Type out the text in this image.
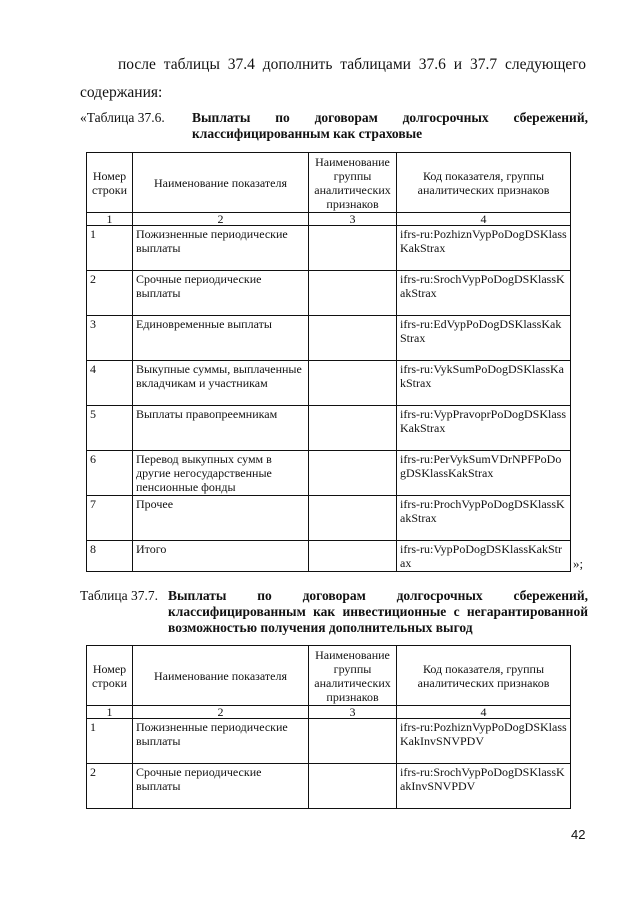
после таблицы 37.4 дополнить таблицами 37.6 и 37.7 следующего
содержания:
«Таблица 37.6.	Выплаты по договорам долгосрочных сбережений,
классифицированным как страховые
Номер строки	Наименование показателя	Наименование группы аналитических признаков	Код показателя, группы аналитических признаков
1	2	3	4
1	Пожизненные периодические выплаты		ifrs-ru:PozhiznVypPoDogDSKlassKakStrax
2	Срочные периодические выплаты		ifrs-ru:SrochVypPoDogDSKlassKakStrax
3	Единовременные выплаты		ifrs-ru:EdVypPoDogDSKlassKakStrax
4	Выкупные суммы, выплаченные вкладчикам и участникам		ifrs-ru:VykSumPoDogDSKlassKakStrax
5	Выплаты правопреемникам		ifrs-ru:VypPravoprPoDogDSKlassKakStrax
6	Перевод выкупных сумм в другие негосударственные пенсионные фонды		ifrs-ru:PerVykSumVDrNPFPoDogDSKlassKakStrax
7	Прочее		ifrs-ru:ProchVypPoDogDSKlassKakStrax
8	Итого		ifrs-ru:VypPoDogDSKlassKakStrax	»;
Таблица 37.7. Выплаты по договорам долгосрочных сбережений,
классифицированным как инвестиционные с негарантированной
возможностью получения дополнительных выгод
Номер строки	Наименование показателя	Наименование группы аналитических признаков	Код показателя, группы аналитических признаков
1	2	3	4
1	Пожизненные периодические выплаты		ifrs-ru:PozhiznVypPoDogDSKlassKakInvSNVPDV
2	Срочные периодические выплаты		ifrs-ru:SrochVypPoDogDSKlassKakInvSNVPDV
42
